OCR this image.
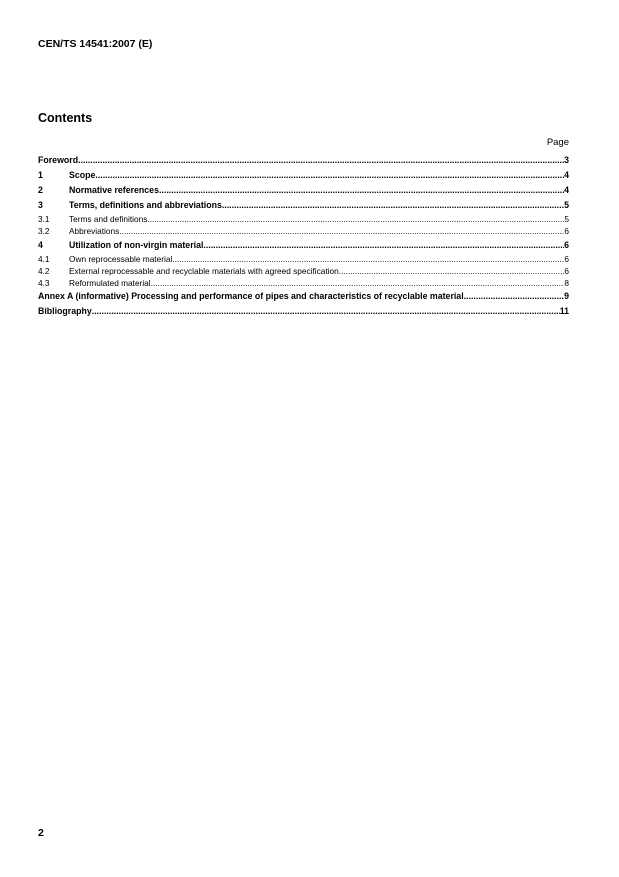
CEN/TS 14541:2007 (E)
Contents
Page
Foreword .....	3
1	Scope .....	4
2	Normative references .....	4
3	Terms, definitions and abbreviations .....	5
3.1	Terms and definitions .....	5
3.2	Abbreviations .....	6
4	Utilization of non-virgin material .....	6
4.1	Own reprocessable material .....	6
4.2	External reprocessable and recyclable materials with agreed specification .....	6
4.3	Reformulated material .....	8
Annex A (informative) Processing and performance of pipes and characteristics of recyclable material .....	9
Bibliography .....	11
2
